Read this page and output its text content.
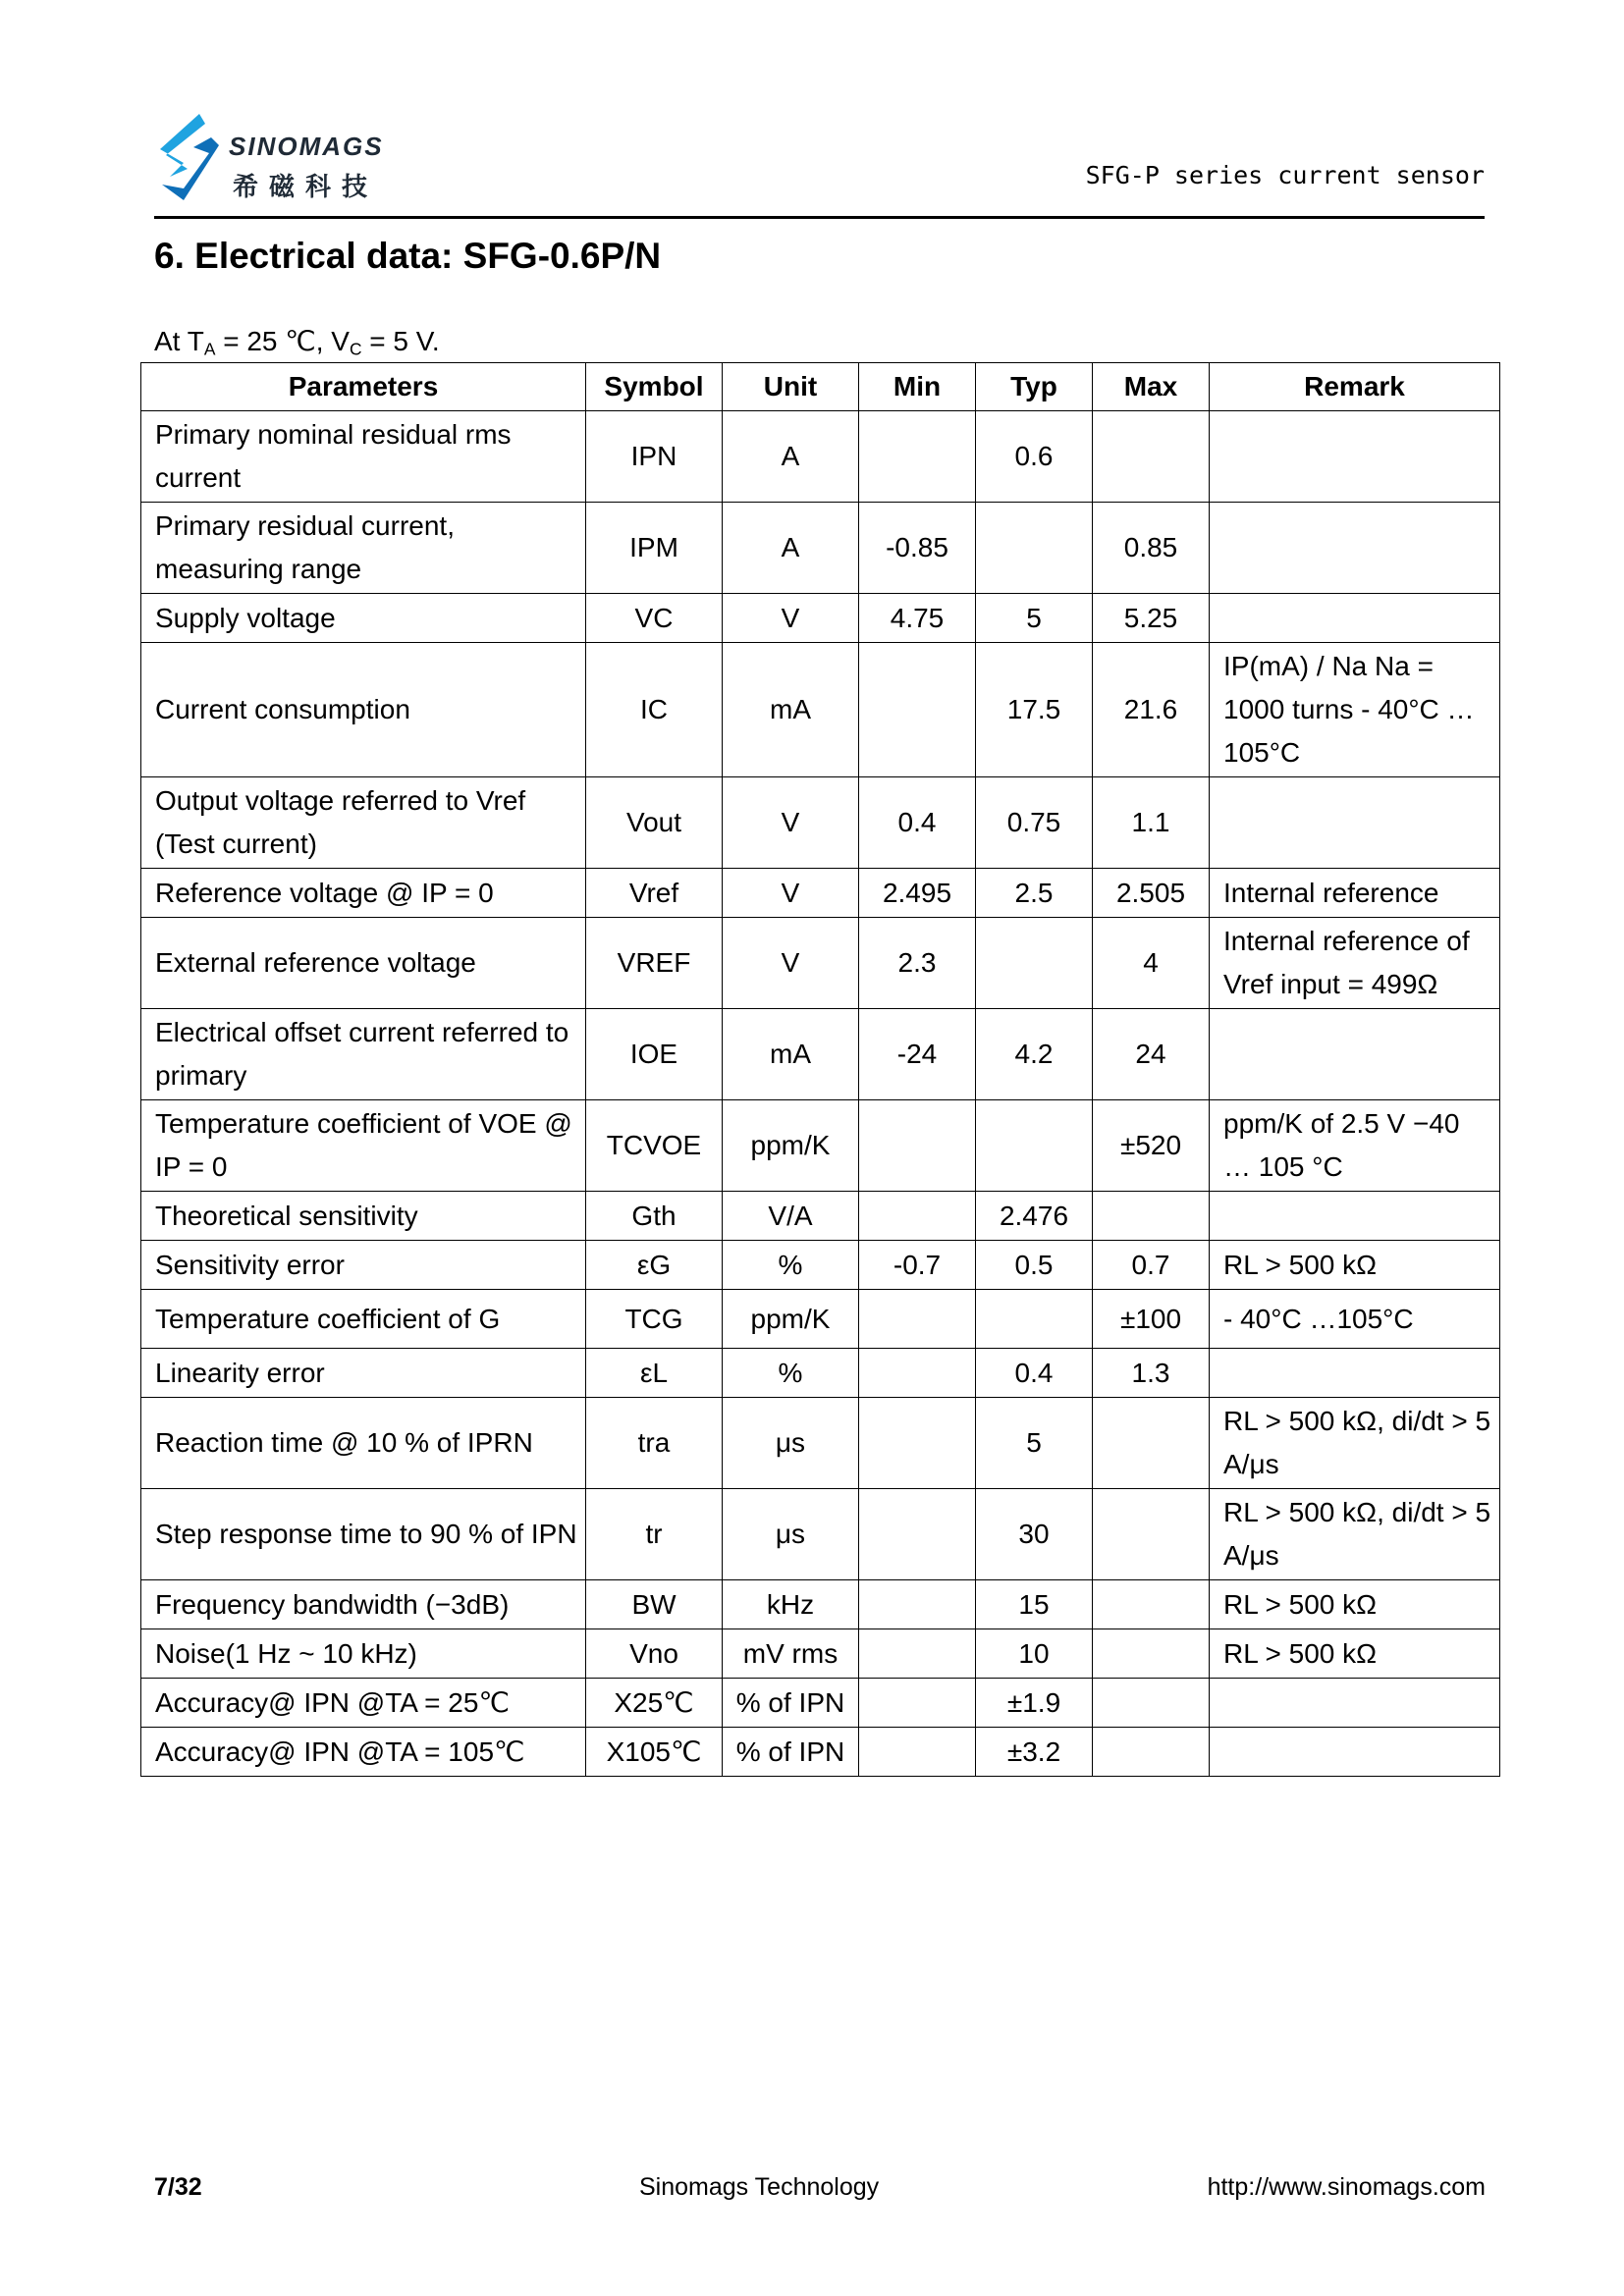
SINOMAGS
希磁科技	SFG-P series current sensor
6. Electrical data: SFG-0.6P/N
At $T_A = 25$ ℃, $V_C = 5$ V.
Parameters	Symbol	Unit	Min	Typ	Max	Remark
Primary nominal residual rms current	IPN	A		0.6		
Primary residual current, measuring range	IPM	A	-0.85		0.85	
Supply voltage	VC	V	4.75	5	5.25	
Current consumption	IC	mA		17.5	21.6	IP(mA) / Na Na = 1000 turns - 40°C …105°C
Output voltage referred to Vref (Test current)	Vout	V	0.4	0.75	1.1	
Reference voltage @ IP = 0	Vref	V	2.495	2.5	2.505	Internal reference
External reference voltage	VREF	V	2.3		4	Internal reference of Vref input = 499Ω
Electrical offset current referred to primary	IOE	mA	-24	4.2	24	
Temperature coefficient of VOE @ IP = 0	TCVOE	ppm/K			±520	ppm/K of 2.5 V −40 … 105 °C
Theoretical sensitivity	Gth	V/A		2.476		
Sensitivity error	εG	%	-0.7	0.5	0.7	RL > 500 kΩ
Temperature coefficient of G	TCG	ppm/K			±100	- 40°C …105°C
Linearity error	εL	%		0.4	1.3	
Reaction time @ 10 % of IPRN	tra	μs		5		RL > 500 kΩ, di/dt > 5 A/μs
Step response time to 90 % of IPN	tr	μs		30		RL > 500 kΩ, di/dt > 5 A/μs
Frequency bandwidth (−3dB)	BW	kHz		15		RL > 500 kΩ
Noise(1 Hz ~ 10 kHz)	Vno	mV rms		10		RL > 500 kΩ
Accuracy@ IPN @TA = 25℃	X25℃	% of IPN		±1.9		
Accuracy@ IPN @TA = 105℃	X105℃	% of IPN		±3.2		
7/32	Sinomags Technology	http://www.sinomags.com
